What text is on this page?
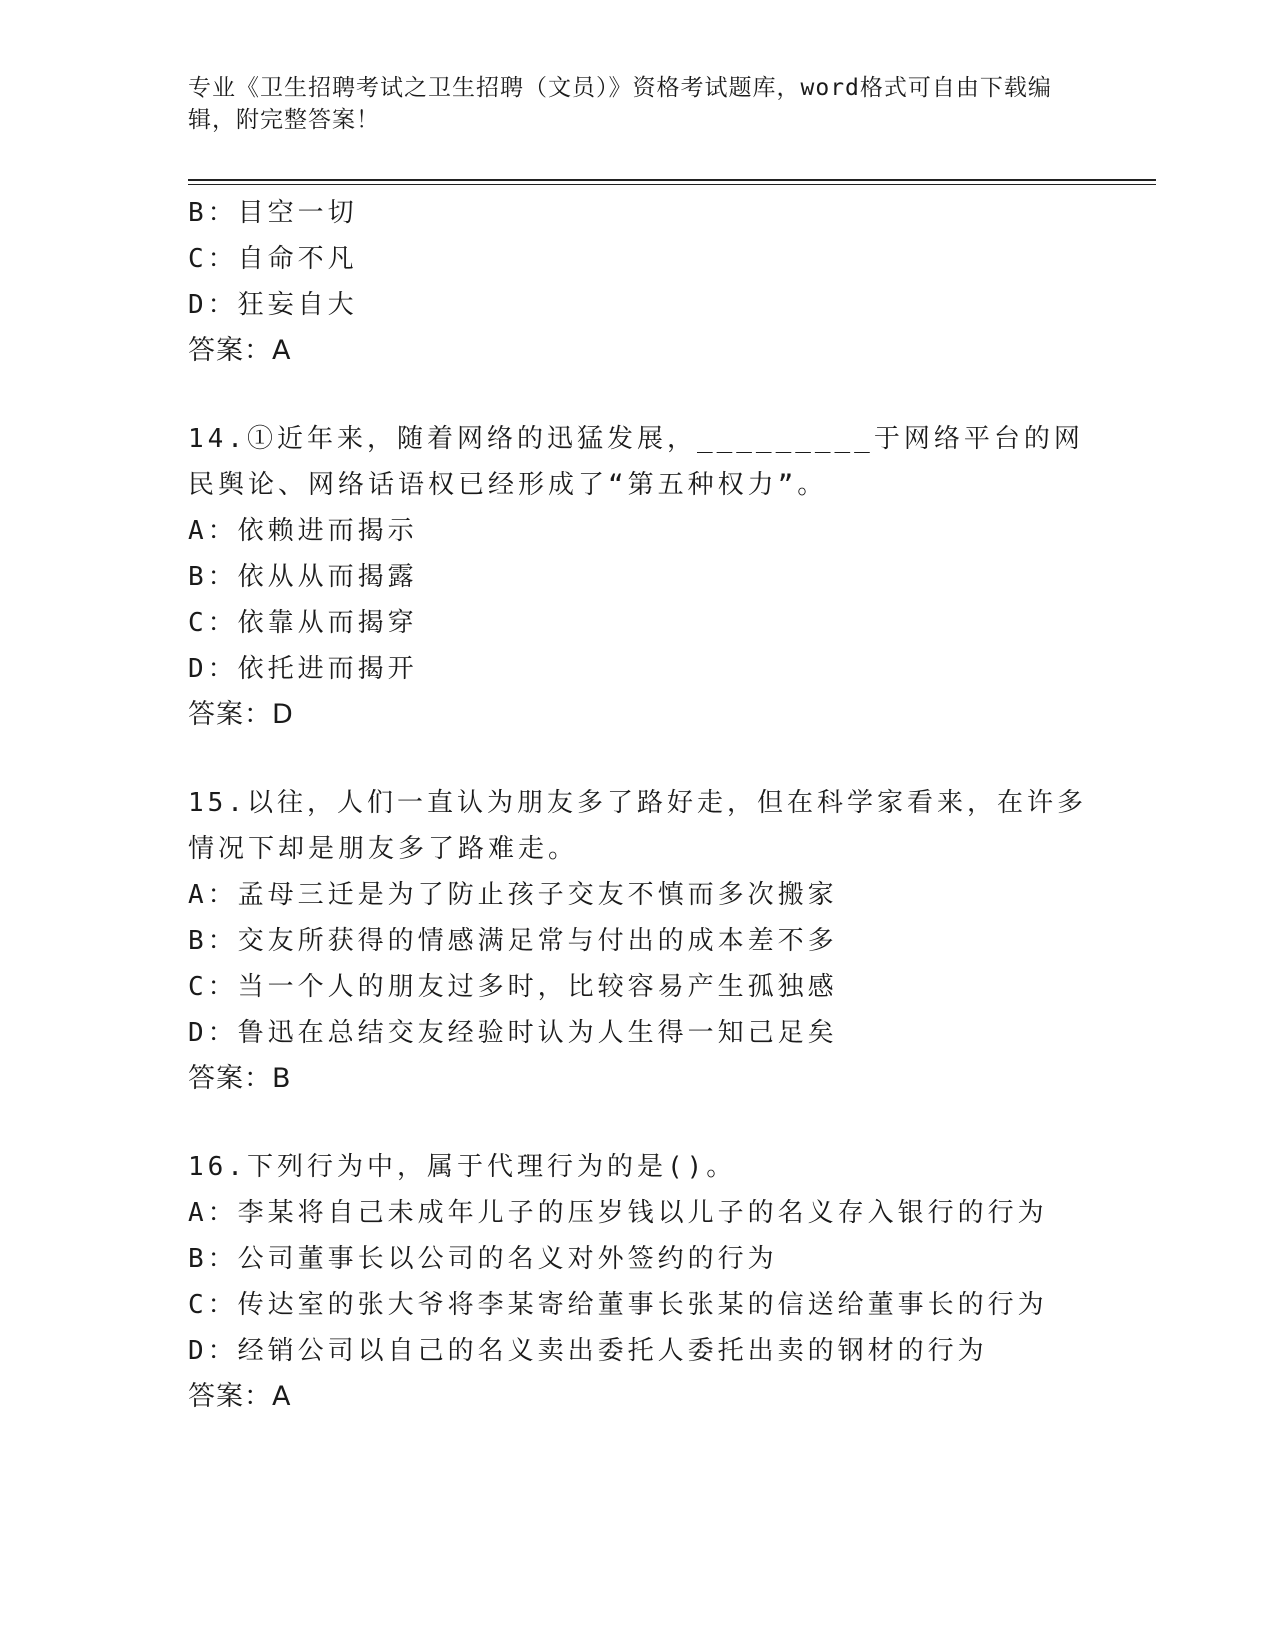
专业《卫生招聘考试之卫生招聘（文员）》资格考试题库，word格式可自由下载编辑，附完整答案！
B：目空一切
C：自命不凡
D：狂妄自大
答案：A
14.①近年来，随着网络的迅猛发展，_________于网络平台的网民舆论、网络话语权已经形成了“第五种权力”。
A：依赖进而揭示
B：依从从而揭露
C：依靠从而揭穿
D：依托进而揭开
答案：D
15.以往，人们一直认为朋友多了路好走，但在科学家看来，在许多情况下却是朋友多了路难走。
A：孟母三迁是为了防止孩子交友不慎而多次搬家
B：交友所获得的情感满足常与付出的成本差不多
C：当一个人的朋友过多时，比较容易产生孤独感
D：鲁迅在总结交友经验时认为人生得一知己足矣
答案：B
16.下列行为中，属于代理行为的是()。
A：李某将自己未成年儿子的压岁钱以儿子的名义存入银行的行为
B：公司董事长以公司的名义对外签约的行为
C：传达室的张大爷将李某寄给董事长张某的信送给董事长的行为
D：经销公司以自己的名义卖出委托人委托出卖的钢材的行为
答案：A
